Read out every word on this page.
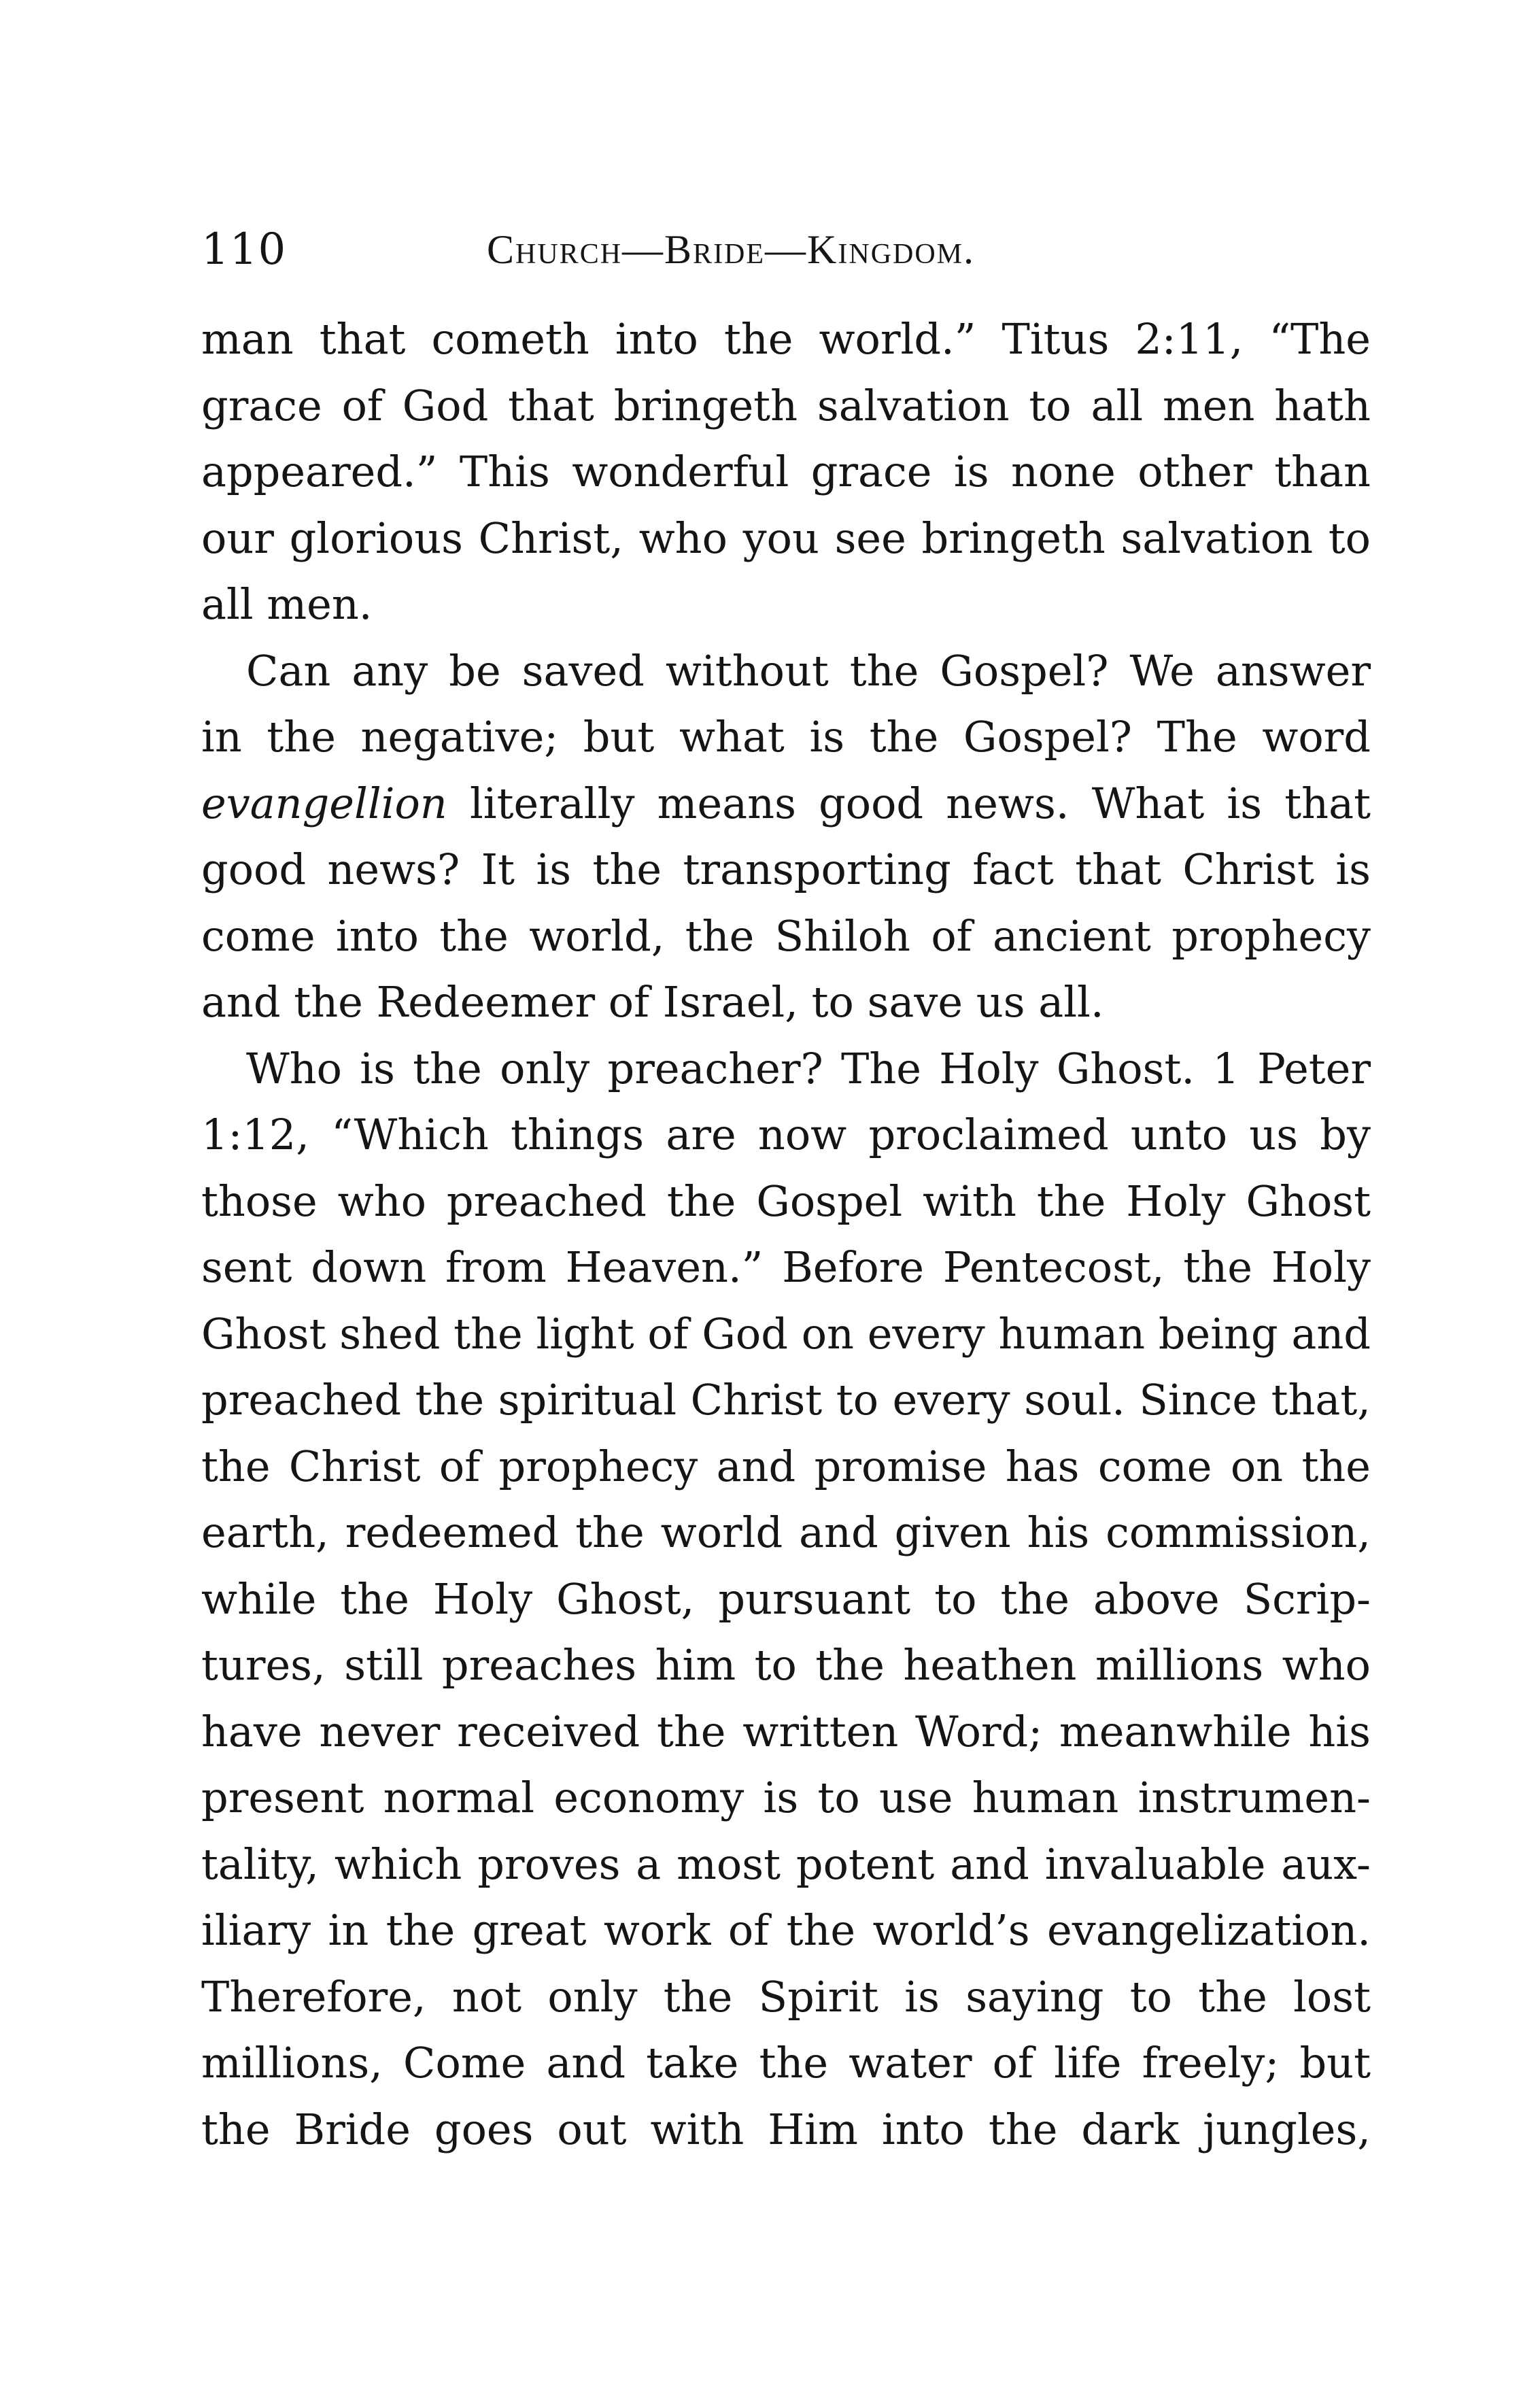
110	Church—Bride—Kingdom.
man that cometh into the world.” Titus 2:11, “The
grace of God that bringeth salvation to all men hath
appeared.” This wonderful grace is none other than
our glorious Christ, who you see bringeth salvation to
all men.
Can any be saved without the Gospel? We answer
in the negative; but what is the Gospel? The word
evangellion literally means good news. What is that
good news? It is the transporting fact that Christ is
come into the world, the Shiloh of ancient prophecy
and the Redeemer of Israel, to save us all.
Who is the only preacher? The Holy Ghost. 1 Peter
1:12, “Which things are now proclaimed unto us by
those who preached the Gospel with the Holy Ghost
sent down from Heaven.” Before Pentecost, the Holy
Ghost shed the light of God on every human being and
preached the spiritual Christ to every soul. Since that,
the Christ of prophecy and promise has come on the
earth, redeemed the world and given his commission,
while the Holy Ghost, pursuant to the above Scrip-
tures, still preaches him to the heathen millions who
have never received the written Word; meanwhile his
present normal economy is to use human instrumen-
tality, which proves a most potent and invaluable aux-
iliary in the great work of the world’s evangelization.
Therefore, not only the Spirit is saying to the lost
millions, Come and take the water of life freely; but
the Bride goes out with Him into the dark jungles,
